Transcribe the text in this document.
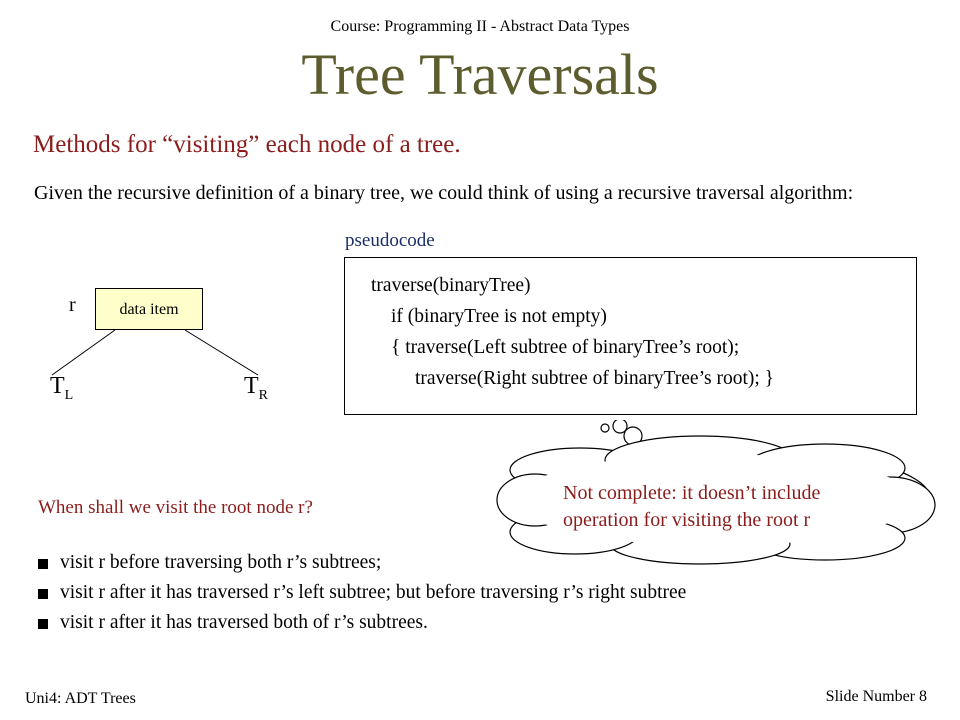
Course: Programming II - Abstract Data Types
Tree Traversals
Methods for “visiting” each node of a tree.
Given the recursive definition of a binary tree, we could think of using a recursive traversal algorithm:
r	data item
$T_L$	$T_R$
pseudocode
traverse(binaryTree)
if (binaryTree is not empty)
{ traverse(Left subtree of binaryTree’s root);
traverse(Right subtree of binaryTree’s root); }
Not complete: it doesn’t include
operation for visiting the root r
When shall we visit the root node r?
visit r before traversing both r’s subtrees;
visit r after it has traversed r’s left subtree; but before traversing r’s right subtree
visit r after it has traversed both of r’s subtrees.
Uni4: ADT Trees	Slide Number 8
